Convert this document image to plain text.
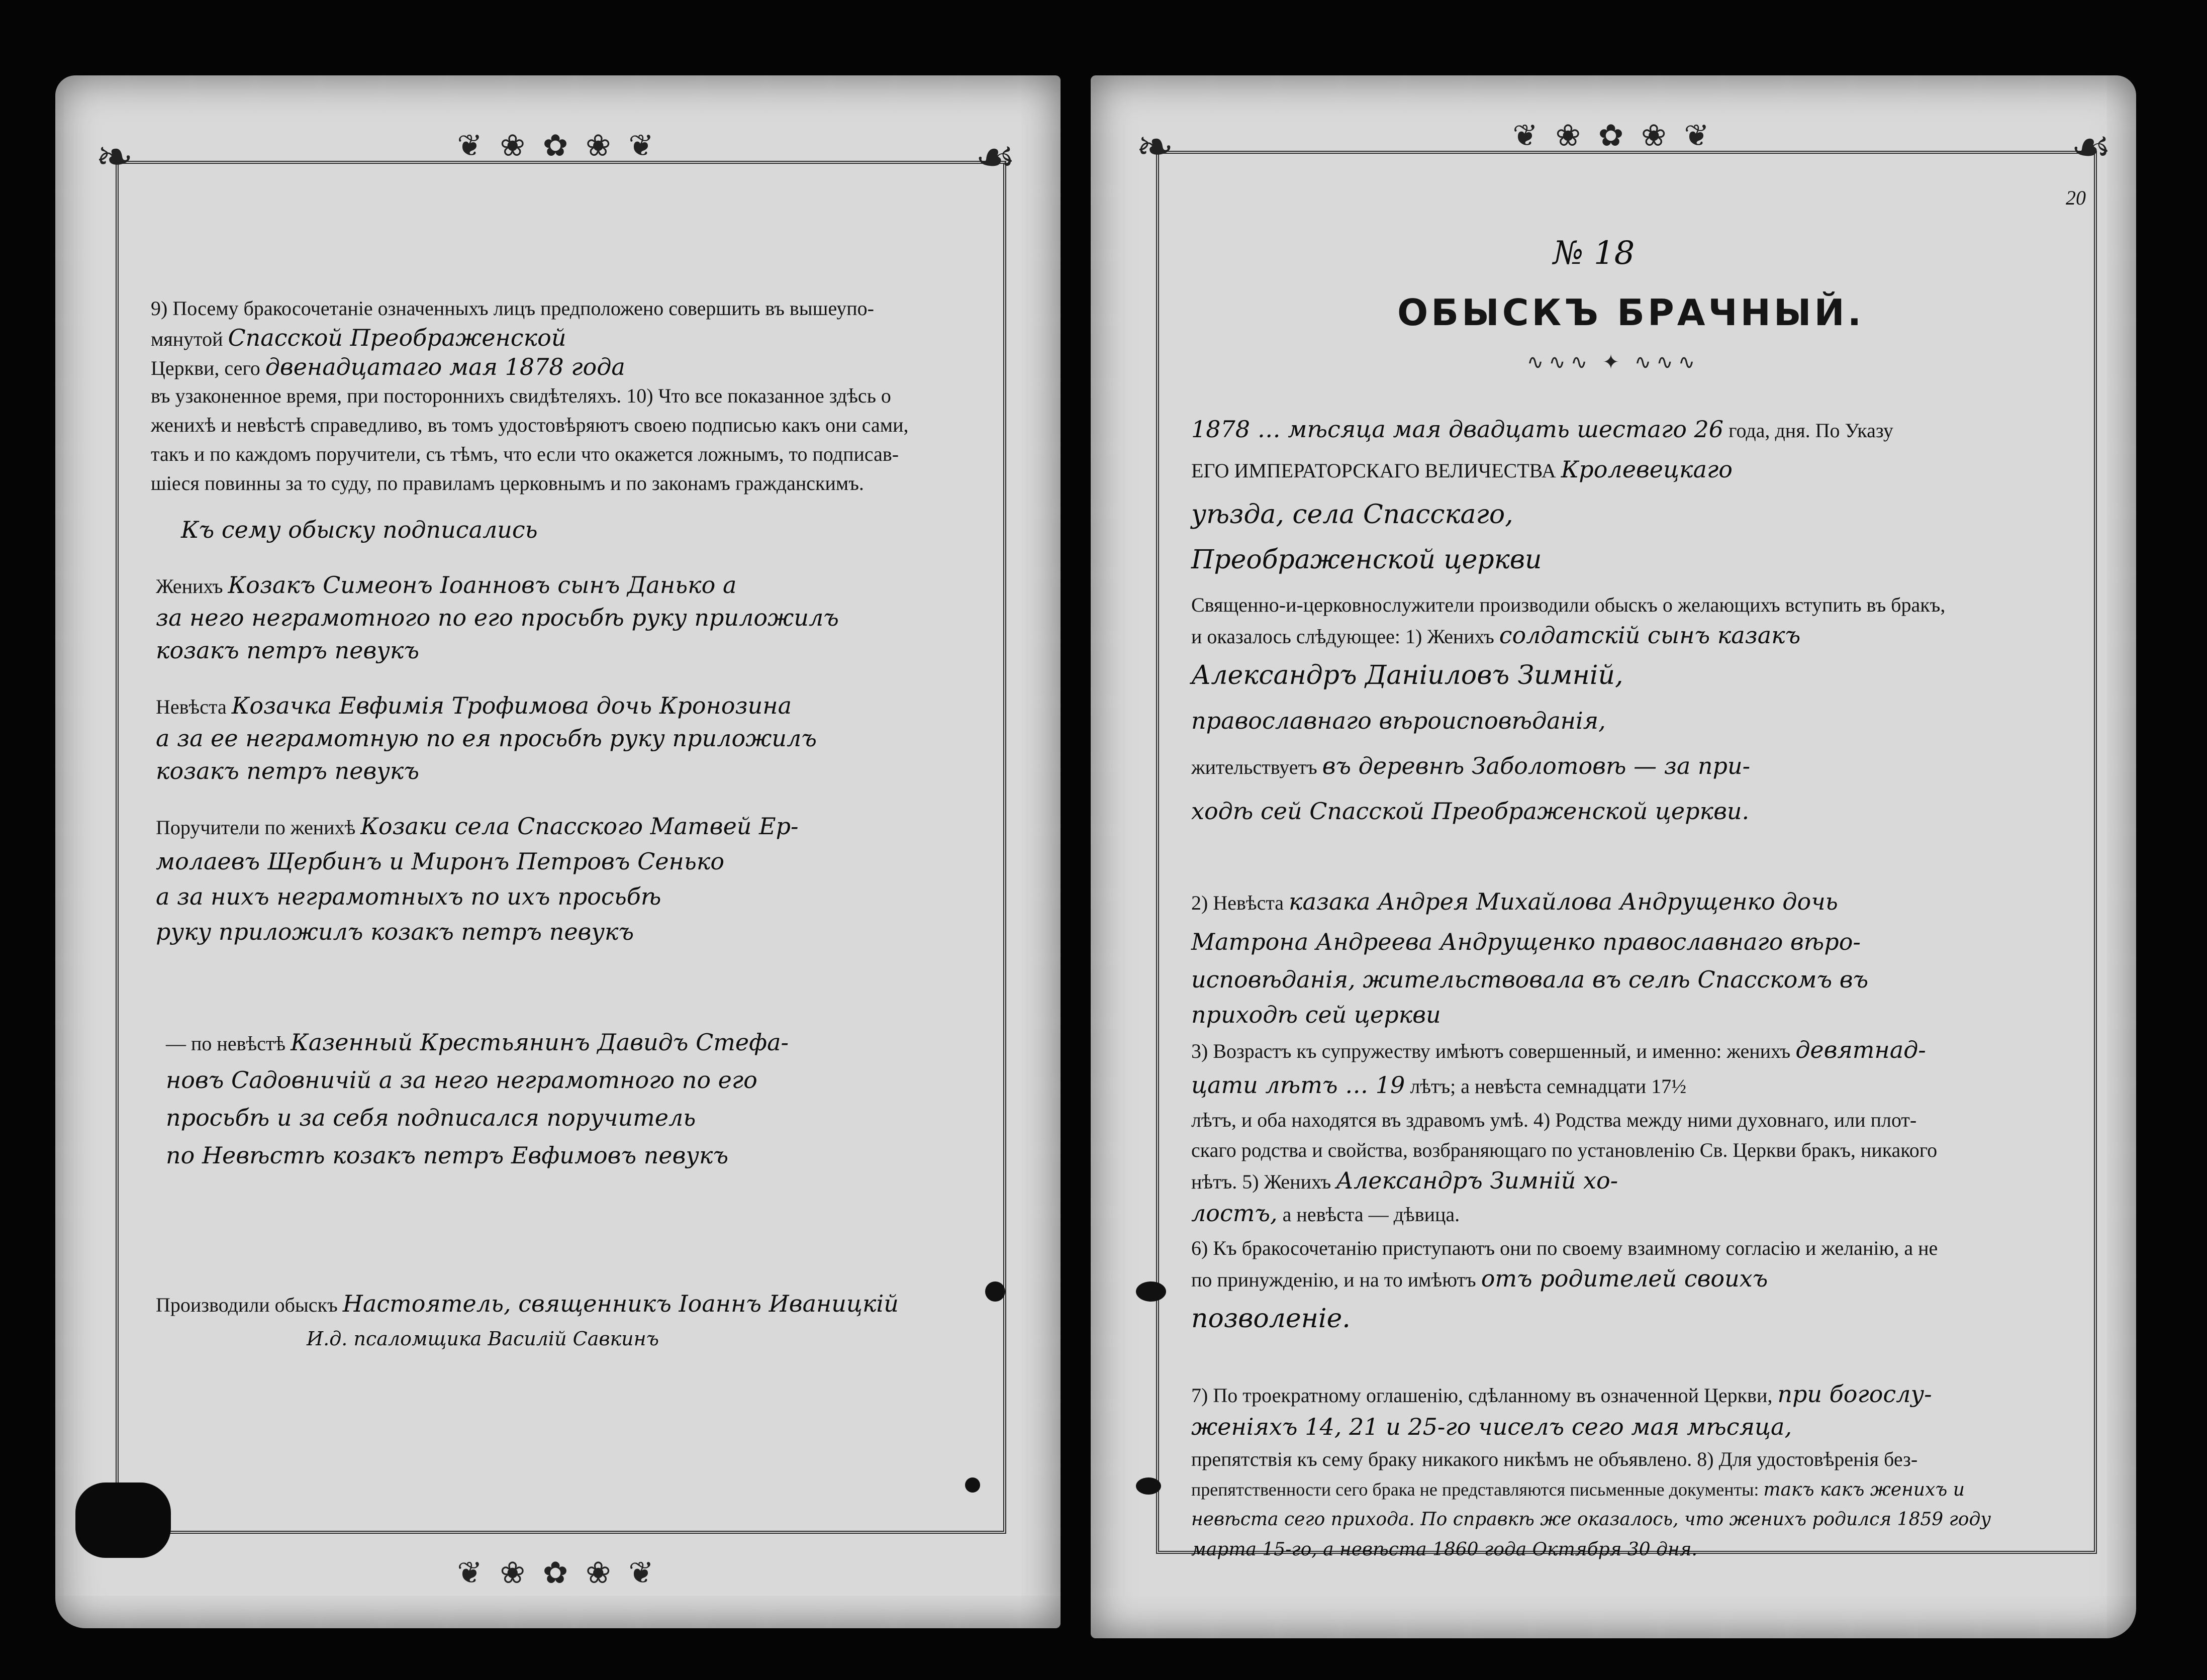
❦ ❀ ✿ ❀ ❦
❧	☙
9) Посему бракосочетаніе означенныхъ лицъ предположено совершить въ вышеупо-
мянутой Спасской Преображенской
Церкви, сего двенадцатаго мая 1878 года
въ узаконенное время, при постороннихъ свидѣтеляхъ. 10) Что все показанное здѣсь о
женихѣ и невѣстѣ справедливо, въ томъ удостовѣряютъ своею подписью какъ они сами,
такъ и по каждомъ поручители, съ тѣмъ, что если что окажется ложнымъ, то подписав-
шіеся повинны за то суду, по правиламъ церковнымъ и по законамъ гражданскимъ.
Къ сему обыску подписались
Женихъ Козакъ Симеонъ Іоанновъ сынъ Данько а
за него неграмотного по его просьбѣ руку приложилъ
козакъ петръ певукъ
Невѣста Козачка Евфимія Трофимова дочь Кронозина
а за ее неграмотную по ея просьбѣ руку приложилъ
козакъ петръ певукъ
Поручители по женихѣ Козаки села Спасского Матвей Ер-
молаевъ Щербинъ и Миронъ Петровъ Сенько
а за нихъ неграмотныхъ по ихъ просьбѣ
руку приложилъ козакъ петръ певукъ
— по невѣстѣ Казенный Крестьянинъ Давидъ Стефа-
новъ Садовничій а за него неграмотного по его
просьбѣ и за себя подписался поручитель
по Невѣстѣ козакъ петръ Евфимовъ певукъ
Производили обыскъ Настоятель, священникъ Іоаннъ Иваницкій
И.д. псаломщика Василій Савкинъ
❦ ❀ ✿ ❀ ❦
❦ ❀ ✿ ❀ ❦
❧	☙
20
№ 18
ОБЫСКЪ БРАЧНЫЙ.
∿∿∿ ✦ ∿∿∿
1878 … мѣсяца мая двадцать шестаго 26 года, дня. По Указу
ЕГО ИМПЕРАТОРСКАГО ВЕЛИЧЕСТВА Кролевецкаго
уѣзда, села Спасскаго,
Преображенской церкви
Священно-и-церковнослужители производили обыскъ о желающихъ вступить въ бракъ,
и оказалось слѣдующее: 1) Женихъ солдатскій сынъ казакъ
Александръ Даніиловъ Зимній,
православнаго вѣроисповѣданія,
жительствуетъ въ деревнѣ Заболотовѣ — за при-
ходѣ сей Спасской Преображенской церкви.
2) Невѣста казака Андрея Михайлова Андрущенко дочь
Матрона Андреева Андрущенко православнаго вѣро-
исповѣданія, жительствовала въ селѣ Спасскомъ въ
приходѣ сей церкви
3) Возрастъ къ супружеству имѣютъ совершенный, и именно: женихъ девятнад-
цати лѣтъ … 19 лѣтъ; а невѣста семнадцати 17½
лѣтъ, и оба находятся въ здравомъ умѣ. 4) Родства между ними духовнаго, или плот-
скаго родства и свойства, возбраняющаго по установленію Св. Церкви бракъ, никакого
нѣтъ. 5) Женихъ Александръ Зимній хо-
лостъ, а невѣста — дѣвица.
6) Къ бракосочетанію приступаютъ они по своему взаимному согласію и желанію, а не
по принужденію, и на то имѣютъ отъ родителей своихъ
позволеніе.
7) По троекратному оглашенію, сдѣланному въ означенной Церкви, при богослу-
женіяхъ 14, 21 и 25-го чиселъ сего мая мѣсяца,
препятствія къ сему браку никакого никѣмъ не объявлено. 8) Для удостовѣренія без-
препятственности сего брака не представляются письменные документы: такъ какъ женихъ и
невѣста сего прихода. По справкѣ же оказалось, что женихъ родился 1859 году
марта 15-го, а невѣста 1860 года Октября 30 дня.
